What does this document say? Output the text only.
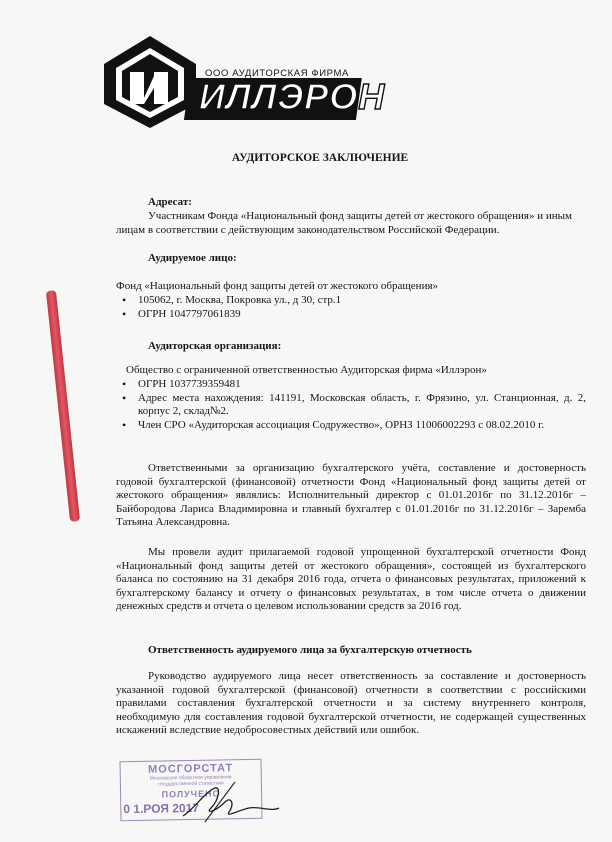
ООО АУДИТОРСКАЯ ФИРМА
ИЛЛЭРОН
АУДИТОРСКОЕ ЗАКЛЮЧЕНИЕ
Адресат:
Участникам Фонда «Национальный фонд защиты детей от жестокого обращения» и иным лицам в соответствии с действующим законодательством Российской Федерации.
Аудируемое лицо:
Фонд «Национальный фонд защиты детей от жестокого обращения»
• 105062, г. Москва, Покровка ул., д 30, стр.1
• ОГРН 1047797061839
Аудиторская организация:
Общество с ограниченной ответственностью Аудиторская фирма «Иллэрон»
• ОГРН 1037739359481
• Адрес места нахождения: 141191, Московская область, г. Фрязино, ул. Станционная, д. 2, корпус 2, склад№2.
• Член СРО «Аудиторская ассоциация Содружество», ОРНЗ 11006002293 с 08.02.2010 г.
Ответственными за организацию бухгалтерского учёта, составление и достоверность годовой бухгалтерской (финансовой) отчетности Фонд «Национальный фонд защиты детей от жестокого обращения» являлись: Исполнительный директор с 01.01.2016г по 31.12.2016г – Байбородова Лариса Владимировна и главный бухгалтер с 01.01.2016г по 31.12.2016г – Заремба Татьяна Александровна.
Мы провели аудит прилагаемой годовой упрощенной бухгалтерской отчетности Фонд «Национальный фонд защиты детей от жестокого обращения», состоящей из бухгалтерского баланса по состоянию на 31 декабря 2016 года, отчета о финансовых результатах, приложений к бухгалтерскому балансу и отчету о финансовых результатах, в том числе отчета о движении денежных средств и отчета о целевом использовании средств за 2016 год.
Ответственность аудируемого лица за бухгалтерскую отчетность
Руководство аудируемого лица несет ответственность за составление и достоверность указанной годовой бухгалтерской (финансовой) отчетности в соответствии с российскими правилами составления бухгалтерской отчетности и за систему внутреннего контроля, необходимую для составления годовой бухгалтерской отчетности, не содержащей существенных искажений вследствие недобросовестных действий или ошибок.
МОСГОРСТАТ
Московское областное управление
государственной статистики
ПОЛУЧЕНО
0 1.РОЯ 2017
